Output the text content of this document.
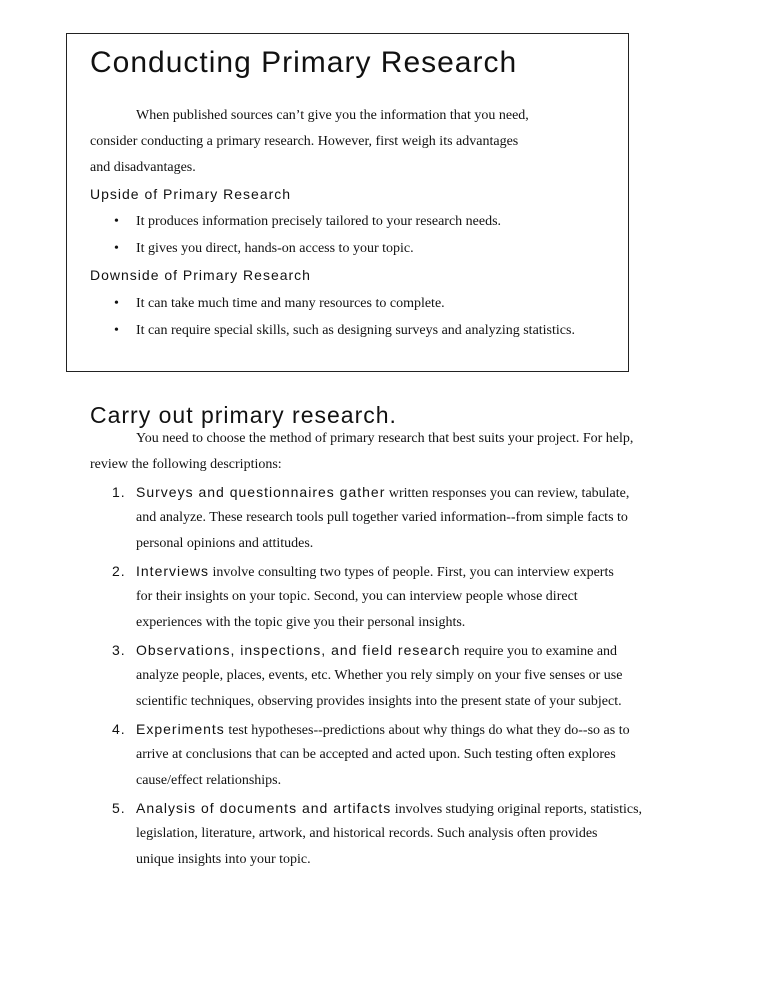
Conducting Primary Research
When published sources can’t give you the information that you need,
consider conducting a primary research. However, first weigh its advantages
and disadvantages.
Upside of Primary Research
• It produces information precisely tailored to your research needs.
• It gives you direct, hands-on access to your topic.
Downside of Primary Research
• It can take much time and many resources to complete.
• It can require special skills, such as designing surveys and analyzing statistics.
Carry out primary research.
You need to choose the method of primary research that best suits your project. For help,
review the following descriptions:
1. Surveys and questionnaires gather written responses you can review, tabulate,
and analyze. These research tools pull together varied information--from simple facts to
personal opinions and attitudes.
2. Interviews involve consulting two types of people. First, you can interview experts
for their insights on your topic. Second, you can interview people whose direct
experiences with the topic give you their personal insights.
3. Observations, inspections, and field research require you to examine and
analyze people, places, events, etc. Whether you rely simply on your five senses or use
scientific techniques, observing provides insights into the present state of your subject.
4. Experiments test hypotheses--predictions about why things do what they do--so as to
arrive at conclusions that can be accepted and acted upon. Such testing often explores
cause/effect relationships.
5. Analysis of documents and artifacts involves studying original reports, statistics,
legislation, literature, artwork, and historical records. Such analysis often provides
unique insights into your topic.
